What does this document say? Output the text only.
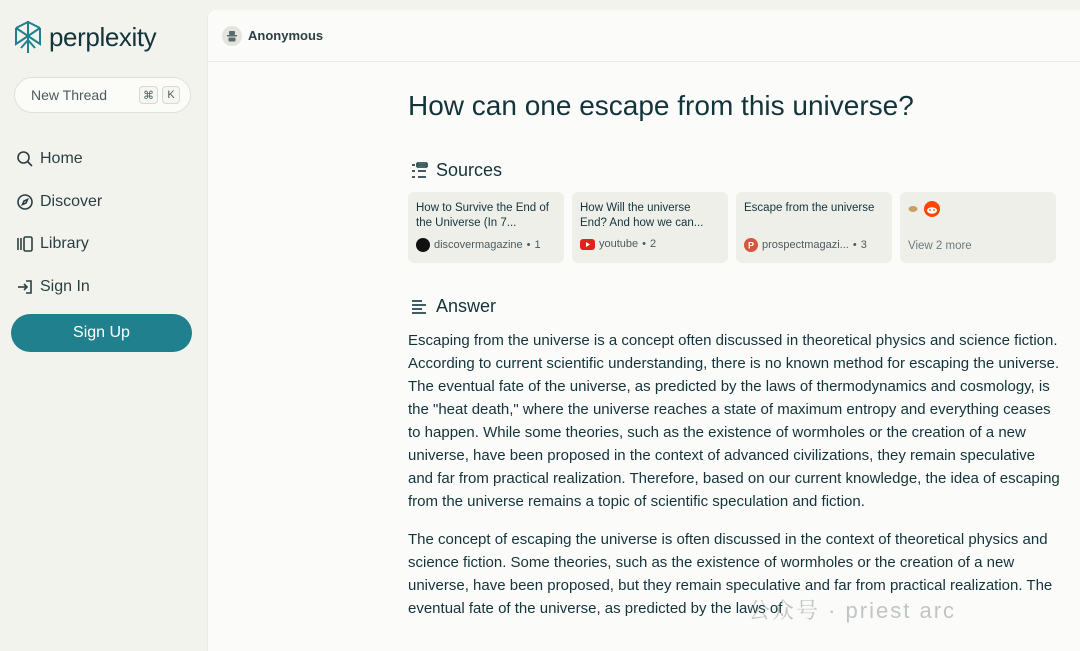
perplexity
New Thread	⌘	K
Home
Discover
Library
Sign In
Sign Up
Anonymous
How can one escape from this universe?
Sources
How to Survive the End of the Universe (In 7...
discovermagazine • 1
How Will the universe End? And how we can...
youtube • 2
Escape from the universe
P prospectmagazi... • 3	View 2 more
Answer

Escaping from the universe is a concept often discussed in theoretical physics and science fiction. According to current scientific understanding, there is no known method for escaping the universe. The eventual fate of the universe, as predicted by the laws of thermodynamics and cosmology, is the "heat death," where the universe reaches a state of maximum entropy and everything ceases to happen. While some theories, such as the existence of wormholes or the creation of a new universe, have been proposed in the context of advanced civilizations, they remain speculative and far from practical realization. Therefore, based on our current knowledge, the idea of escaping from the universe remains a topic of scientific speculation and fiction.

The concept of escaping the universe is often discussed in the context of theoretical physics and science fiction. Some theories, such as the existence of wormholes or the creation of a new universe, have been proposed, but they remain speculative and far from practical realization. The eventual fate of the universe, as predicted by the laws of

公众号 · priest arc
